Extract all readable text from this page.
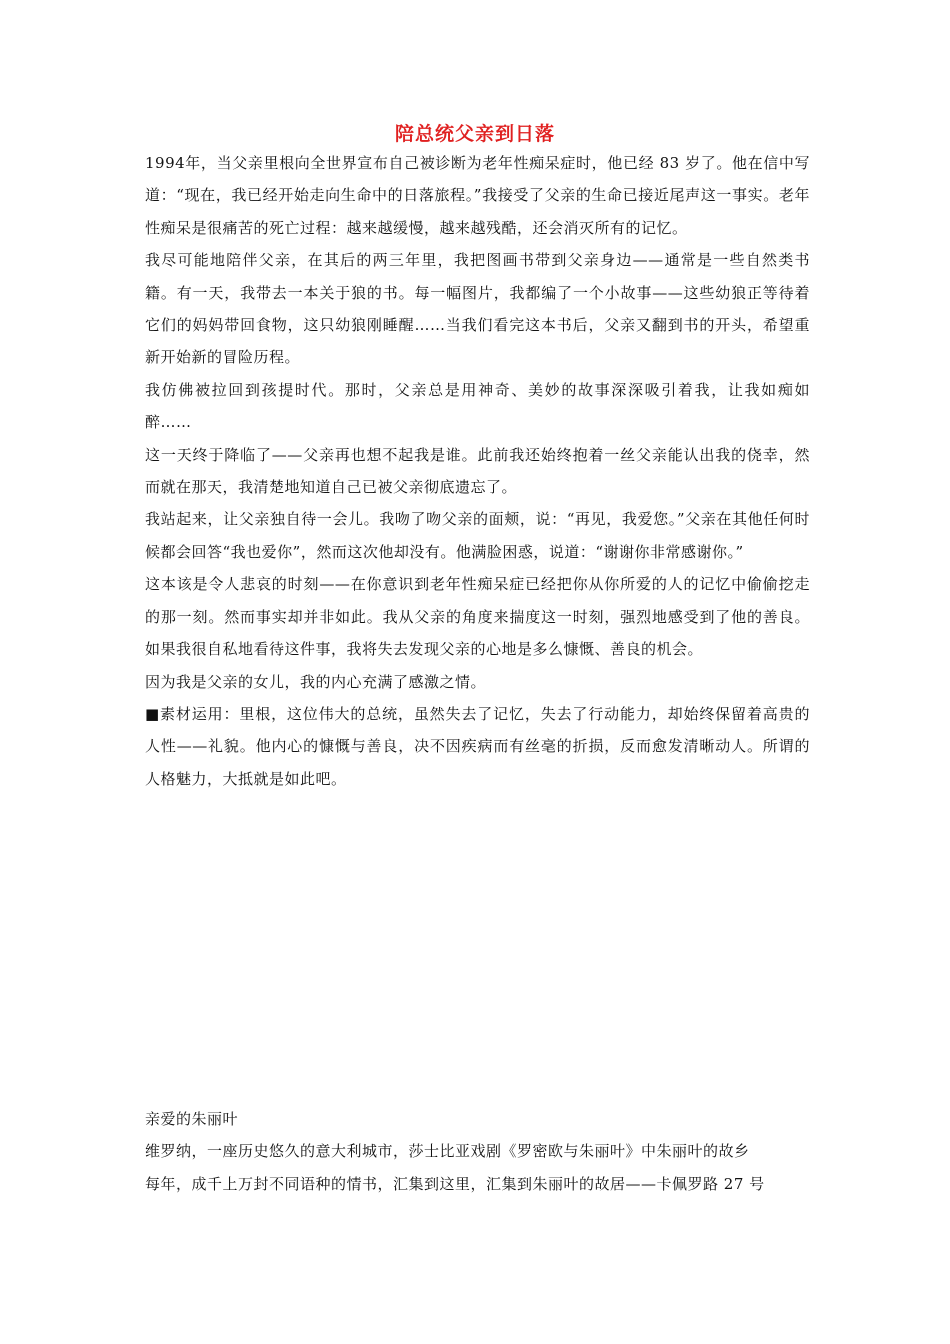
陪总统父亲到日落

1994年，当父亲里根向全世界宣布自己被诊断为老年性痴呆症时，他已经 83 岁了。他在信中写道：“现在，我已经开始走向生命中的日落旅程。”我接受了父亲的生命已接近尾声这一事实。老年性痴呆是很痛苦的死亡过程：越来越缓慢，越来越残酷，还会消灭所有的记忆。

我尽可能地陪伴父亲，在其后的两三年里，我把图画书带到父亲身边——通常是一些自然类书籍。有一天，我带去一本关于狼的书。每一幅图片，我都编了一个小故事——这些幼狼正等待着它们的妈妈带回食物，这只幼狼刚睡醒……当我们看完这本书后，父亲又翻到书的开头，希望重新开始新的冒险历程。

我仿佛被拉回到孩提时代。那时，父亲总是用神奇、美妙的故事深深吸引着我，让我如痴如醉……

这一天终于降临了——父亲再也想不起我是谁。此前我还始终抱着一丝父亲能认出我的侥幸，然而就在那天，我清楚地知道自己已被父亲彻底遗忘了。

我站起来，让父亲独自待一会儿。我吻了吻父亲的面颊，说：“再见，我爱您。”父亲在其他任何时候都会回答“我也爱你”，然而这次他却没有。他满脸困惑，说道：“谢谢你非常感谢你。”

这本该是令人悲哀的时刻——在你意识到老年性痴呆症已经把你从你所爱的人的记忆中偷偷挖走的那一刻。然而事实却并非如此。我从父亲的角度来揣度这一时刻，强烈地感受到了他的善良。如果我很自私地看待这件事，我将失去发现父亲的心地是多么慷慨、善良的机会。

因为我是父亲的女儿，我的内心充满了感激之情。

■素材运用：里根，这位伟大的总统，虽然失去了记忆，失去了行动能力，却始终保留着高贵的人性——礼貌。他内心的慷慨与善良，决不因疾病而有丝毫的折损，反而愈发清晰动人。所谓的人格魅力，大抵就是如此吧。

亲爱的朱丽叶

维罗纳，一座历史悠久的意大利城市，莎士比亚戏剧《罗密欧与朱丽叶》中朱丽叶的故乡

每年，成千上万封不同语种的情书，汇集到这里，汇集到朱丽叶的故居——卡佩罗路 27 号
